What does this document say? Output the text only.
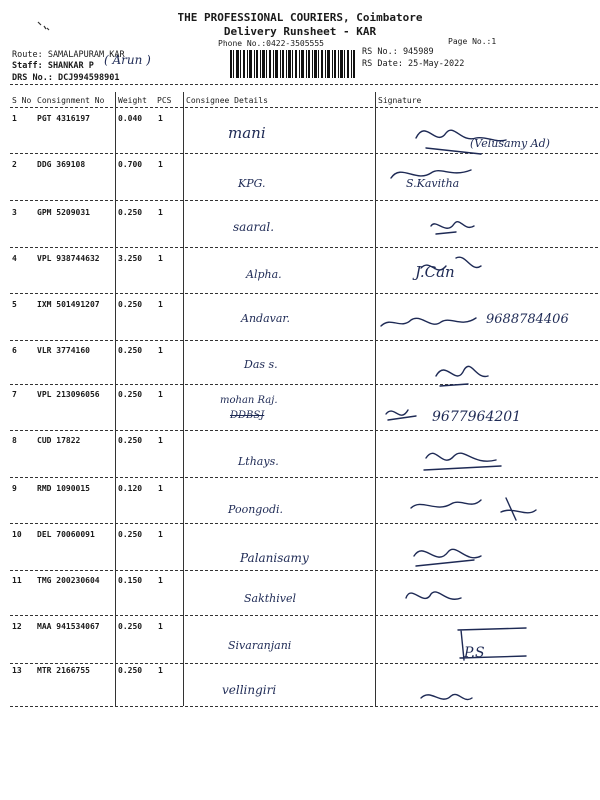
THE PROFESSIONAL COURIERS, Coimbatore
Delivery Runsheet - KAR
Phone No.:0422-3505555	Page No.:1
Route: SAMALAPURAM KAR
Staff: SHANKAR P ( Arun )
DRS No.: DCJ994598901
RS No.: 945989
RS Date: 25-May-2022
S No Consignment No Weight PCS Consignee Details	Signature
1	PGT 4316197	0.040 1
mani
(Velusamy Ad)
2	DDG 369108	0.700 1
KPG.	S.Kavitha
3	GPM 5209031	0.250 1
saaral.
4	VPL 938744632 3.250 1
Alpha.	J.Can
5	IXM 501491207 0.250 1
Andavar.	9688784406
6	VLR 3774160	0.250 1
Das s.
7	VPL 213096056 0.250 1
mohan Raj.
DDBSJ	9677964201
8	CUD 17822	0.250 1
Lthays.
9	RMD 1090015	0.120 1
Poongodi.
10 DEL 70060091	0.250 1
Palanisamy
11 TMG 200230604 0.150 1
Sakthivel
12 MAA 941534067 0.250 1
Sivaranjani	P.S
13 MTR 2166755	0.250 1
vellingiri
